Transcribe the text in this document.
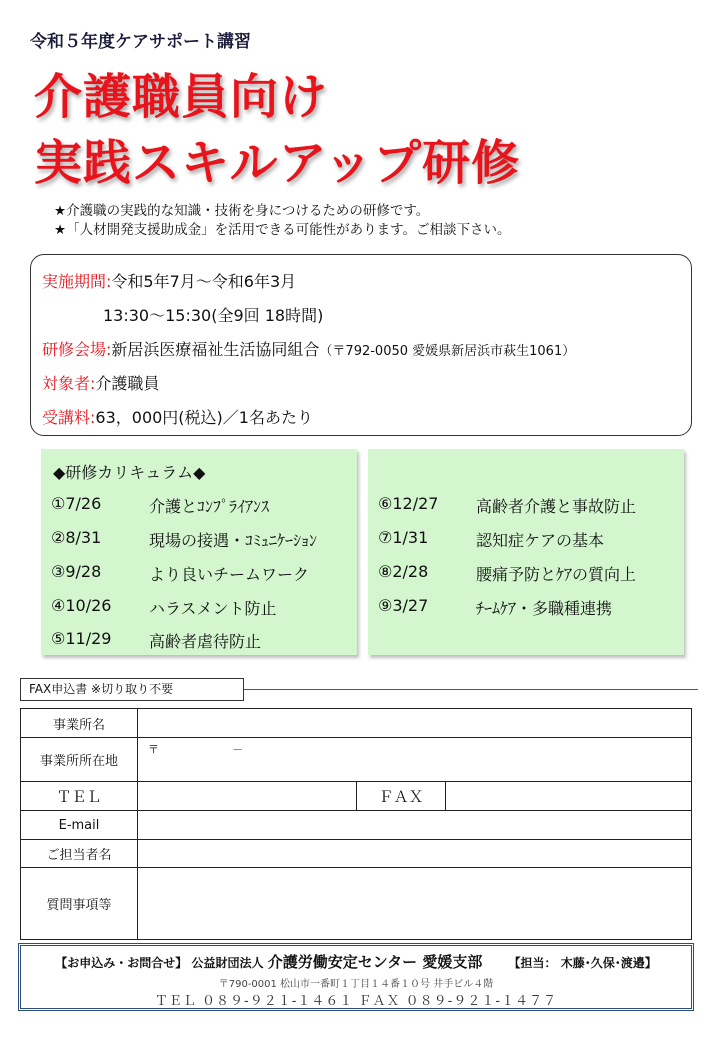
令和５年度ケアサポート講習
介護職員向け
実践スキルアップ研修
★介護職の実践的な知識・技術を身につけるための研修です。
★「人材開発支援助成金」を活用できる可能性があります。ご相談下さい。
実施期間:令和5年7月～令和6年3月
13:30～15:30(全9回 18時間)
研修会場:新居浜医療福祉生活協同組合（〒792-0050 愛媛県新居浜市萩生1061）
対象者:介護職員
受講料:63，000円(税込)／1名あたり
◆研修カリキュラム◆
①7/26	介護とｺﾝﾌﾟﾗｲｱﾝｽ
②8/31	現場の接遇・ｺﾐｭﾆｹｰｼｮﾝ
③9/28	より良いチームワーク
④10/26 ハラスメント防止
⑤11/29 高齢者虐待防止
⑥12/27 高齢者介護と事故防止
⑦1/31	認知症ケアの基本
⑧2/28	腰痛予防とｹｱの質向上
⑨3/27	ﾁｰﾑｹｱ・多職種連携
FAX申込書 ※切り取り不要
事業所名			
事業所所在地	〒 －		

ＴＥＬ		ＦＡＸ	
E-mail			
ご担当者名			
質問事項等			
【お申込み・お問合せ】 公益財団法人 介護労働安定センター 愛媛支部 【担当： 木藤･久保･渡邉】
〒790-0001 松山市一番町１丁目１４番１０号 井手ビル４階
ＴＥＬ ０８９-９２１-１４６１ ＦＡＸ ０８９-９２１-１４７７
